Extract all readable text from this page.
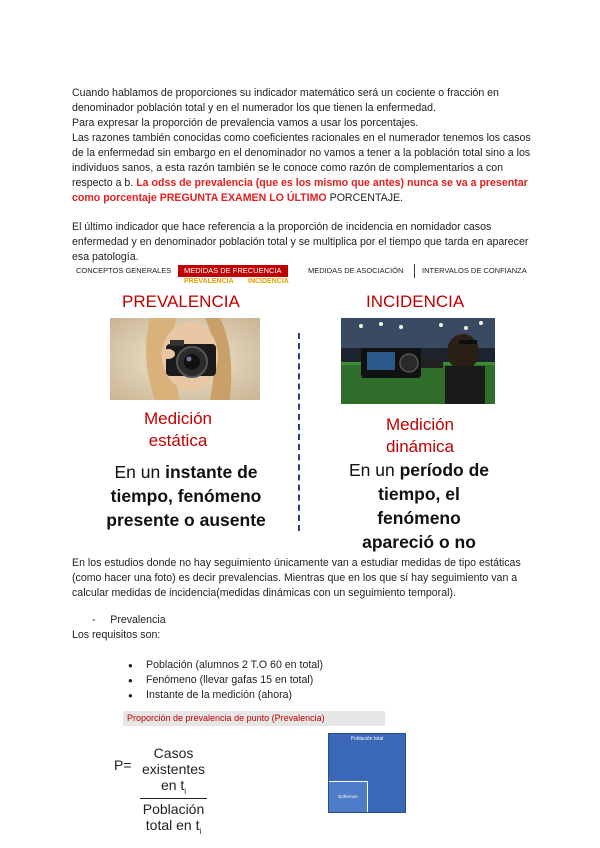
Cuando hablamos de proporciones su indicador matemático será un cociente o fracción en denominador población total y en el numerador los que tienen la enfermedad.
Para expresar la proporción de prevalencia vamos a usar los porcentajes.
Las razones también conocidas como coeficientes racionales en el numerador tenemos los casos de la enfermedad sin embargo en el denominador no vamos a tener a la población total sino a los individuos sanos, a esta razón también se le conoce como razón de complementarios a con respecto a b. La odss de prevalencia (que es los mismo que antes) nunca se va a presentar como porcentaje PREGUNTA EXAMEN LO ÚLTIMO PORCENTAJE.
El último indicador que hace referencia a la proporción de incidencia en nomidador casos enfermedad y en denominador población total y se multiplica por el tiempo que tarda en aparecer esa patología.
CONCEPTOS GENERALES	MEDIDAS DE FRECUENCIA	MEDIDAS DE ASOCIACIÓN INTERVALOS DE CONFIANZA
PREVALENCIA INCIDENCIA
PREVALENCIA	INCIDENCIA
Medición
estática
Medición
dinámica
En un instante de
tiempo, fenómeno
presente o ausente
En un período de
tiempo, el
fenómeno
apareció o no
En los estudios donde no hay seguimiento únicamente van a estudiar medidas de tipo estáticas (como hacer una foto) es decir prevalencias. Mientras que en los que sí hay seguimiento van a calcular medidas de incidencia(medidas dinámicas con un seguimiento temporal).
- Prevalencia
Los requisitos son:
● Población (alumnos 2 T.O 60 en total)
● Fenómeno (llevar gafas 15 en total)
● Instante de la medición (ahora)
Proporción de prevalencia de punto (Prevalencia)
P=
Casos existentes en $t_i$
Población total en $t_i$
Población total
Enfermos
